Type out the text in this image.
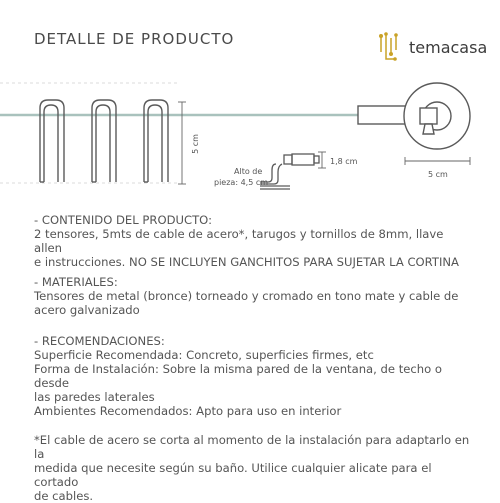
DETALLE DE PRODUCTO	temacasa
5 cm
Alto de
pieza: 4,5 cm
1,8 cm
5 cm

- CONTENIDO DEL PRODUCTO:

2 tensores, 5mts de cable de acero*, tarugos y tornillos de 8mm, llave allen

e instrucciones. NO SE INCLUYEN GANCHITOS PARA SUJETAR LA CORTINA

- MATERIALES:

Tensores de metal (bronce) torneado y cromado en tono mate y cable de

acero galvanizado

- RECOMENDACIONES:

Superficie Recomendada: Concreto, superficies firmes, etc

Forma de Instalación: Sobre la misma pared de la ventana, de techo o desde

las paredes laterales

Ambientes Recomendados: Apto para uso en interior

*El cable de acero se corta al momento de la instalación para adaptarlo en la

medida que necesite según su baño. Utilice cualquier alicate para el cortado

de cables.
